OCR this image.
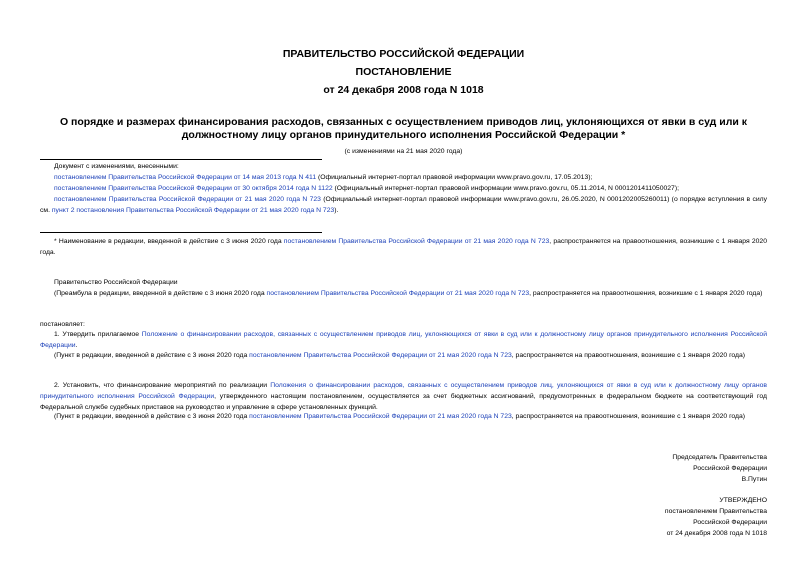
ПРАВИТЕЛЬСТВО РОССИЙСКОЙ ФЕДЕРАЦИИ
ПОСТАНОВЛЕНИЕ
от 24 декабря 2008 года N 1018
О порядке и размерах финансирования расходов, связанных с осуществлением приводов лиц, уклоняющихся от явки в суд или к должностному лицу органов принудительного исполнения Российской Федерации *
(с изменениями на 21 мая 2020 года)
Документ с изменениями, внесенными:
постановлением Правительства Российской Федерации от 14 мая 2013 года N 411 (Официальный интернет-портал правовой информации www.pravo.gov.ru, 17.05.2013);
постановлением Правительства Российской Федерации от 30 октября 2014 года N 1122 (Официальный интернет-портал правовой информации www.pravo.gov.ru, 05.11.2014, N 0001201411050027);
постановлением Правительства Российской Федерации от 21 мая 2020 года N 723 (Официальный интернет-портал правовой информации www.pravo.gov.ru, 26.05.2020, N 0001202005260011) (о порядке вступления в силу см. пункт 2 постановления Правительства Российской Федерации от 21 мая 2020 года N 723).
* Наименование в редакции, введенной в действие с 3 июня 2020 года постановлением Правительства Российской Федерации от 21 мая 2020 года N 723, распространяется на правоотношения, возникшие с 1 января 2020 года.
Правительство Российской Федерации
(Преамбула в редакции, введенной в действие с 3 июня 2020 года постановлением Правительства Российской Федерации от 21 мая 2020 года N 723, распространяется на правоотношения, возникшие с 1 января 2020 года)
постановляет:
1. Утвердить прилагаемое Положение о финансировании расходов, связанных с осуществлением приводов лиц, уклоняющихся от явки в суд или к должностному лицу органов принудительного исполнения Российской Федерации.
(Пункт в редакции, введенной в действие с 3 июня 2020 года постановлением Правительства Российской Федерации от 21 мая 2020 года N 723, распространяется на правоотношения, возникшие с 1 января 2020 года)
2. Установить, что финансирование мероприятий по реализации Положения о финансировании расходов, связанных с осуществлением приводов лиц, уклоняющихся от явки в суд или к должностному лицу органов принудительного исполнения Российской Федерации, утвержденного настоящим постановлением, осуществляется за счет бюджетных ассигнований, предусмотренных в федеральном бюджете на соответствующий год Федеральной службе судебных приставов на руководство и управление в сфере установленных функций.
(Пункт в редакции, введенной в действие с 3 июня 2020 года постановлением Правительства Российской Федерации от 21 мая 2020 года N 723, распространяется на правоотношения, возникшие с 1 января 2020 года)
Председатель Правительства
Российской Федерации
В.Путин
УТВЕРЖДЕНО
постановлением Правительства
Российской Федерации
от 24 декабря 2008 года N 1018
